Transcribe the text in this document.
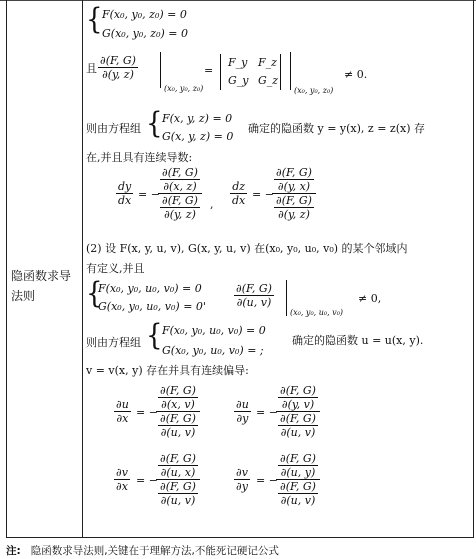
隐函数求导法则
{ F(x₀, y₀, z₀) = 0
G(x₀, y₀, z₀) = 0
且 $\frac{\partial(F, G)}{\partial(y, z)}$
(x₀, y₀, z₀)
=
F_y F_z
G_y G_z
(x₀, y₀, z₀)
≠ 0.
则由方程组 { F(x, y, z) = 0
G(x, y, z) = 0
确定的隐函数 y = y(x), z = z(x) 存
在,并且具有连续导数:
$\frac{dy}{dx}$ = −
$\frac{\frac{\partial(F, G)}{\partial(x, z)}}{\frac{\partial(F, G)}{\partial(y, z)}}$ , $\frac{dz}{dx}$ = −
$\frac{\frac{\partial(F, G)}{\partial(y, x)}}{\frac{\partial(F, G)}{\partial(y, z)}}$
(2) 设 F(x, y, u, v), G(x, y, u, v) 在(x₀, y₀, u₀, v₀) 的某个邻域内
有定义,并且
{
F(x₀, y₀, u₀, v₀) = 0
G(x₀, y₀, u₀, v₀) = 0'	$\frac{\partial(F, G)}{\partial(u, v)}$
(x₀, y₀, u₀, v₀)
≠ 0,
则由方程组 { F(x₀, y₀, u₀, v₀) = 0
G(x₀, y₀, u₀, v₀) = ;
确定的隐函数 u = u(x, y).
v = v(x, y) 存在并具有连续偏导:
$\frac{\partial u}{\partial x}$ = −
$\frac{\frac{\partial(F, G)}{\partial(x, v)}}{\frac{\partial(F, G)}{\partial(u, v)}}$	$\frac{\partial u}{\partial y}$ = −
$\frac{\frac{\partial(F, G)}{\partial(y, v)}}{\frac{\partial(F, G)}{\partial(u, v)}}$
$\frac{\partial v}{\partial x}$ = −
$\frac{\frac{\partial(F, G)}{\partial(u, x)}}{\frac{\partial(F, G)}{\partial(u, v)}}$	$\frac{\partial v}{\partial y}$ = −
$\frac{\frac{\partial(F, G)}{\partial(u, y)}}{\frac{\partial(F, G)}{\partial(u, v)}}$
注: 隐函数求导法则,关键在于理解方法,不能死记硬记公式
